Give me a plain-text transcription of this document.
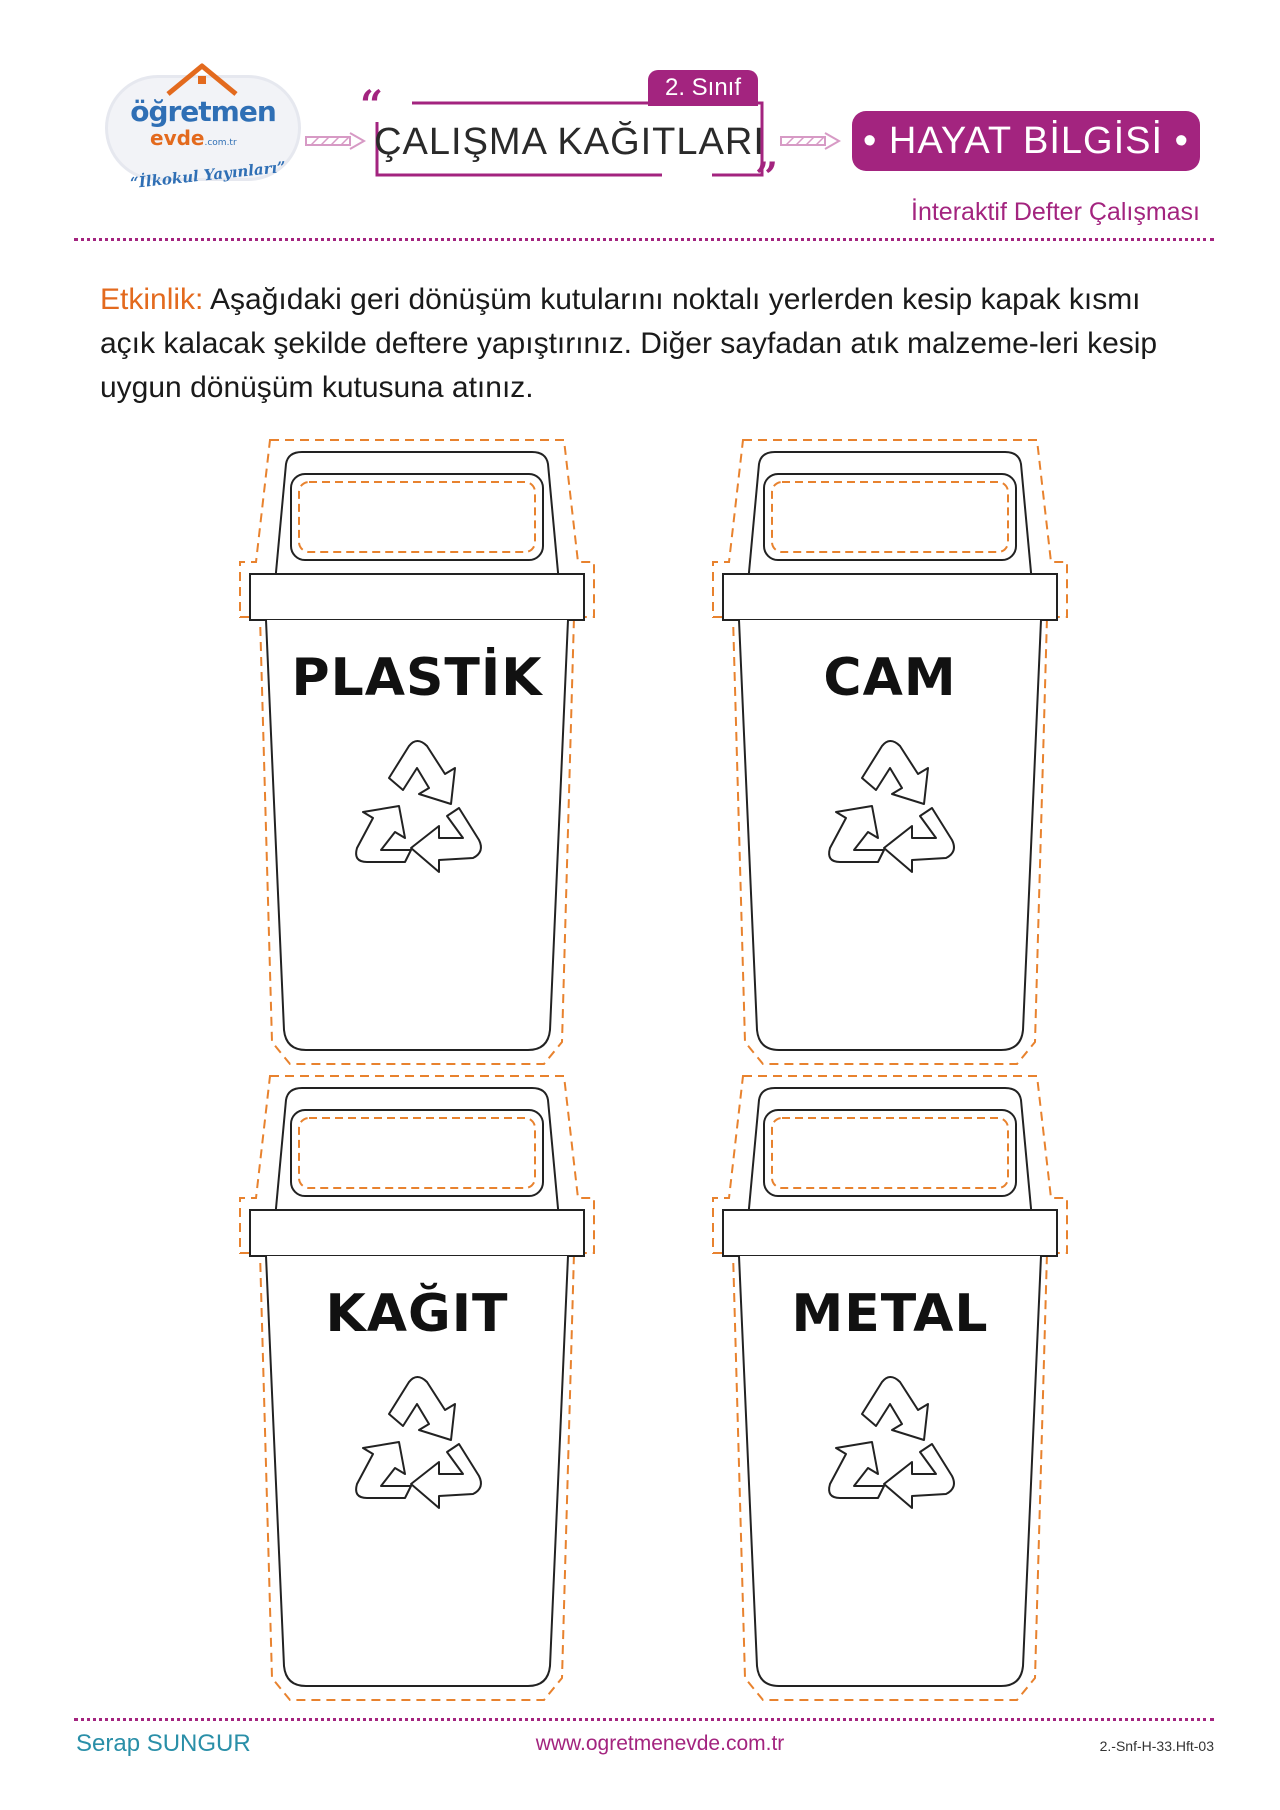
öğretmen
evde.com.tr
“İlkokul Yayınları”
2. Sınıf
“
”
ÇALIŞMA KAĞITLARI	• HAYAT BİLGİSİ •
İnteraktif Defter Çalışması
Etkinlik: Aşağıdaki geri dönüşüm kutularını noktalı yerlerden kesip kapak kısmı açık kalacak şekilde deftere yapıştırınız. Diğer sayfadan atık malzeme-leri kesip uygun dönüşüm kutusuna atınız.
PLASTİK	CAM
KAĞIT	METAL
Serap SUNGUR	www.ogretmenevde.com.tr	2.-Snf-H-33.Hft-03
